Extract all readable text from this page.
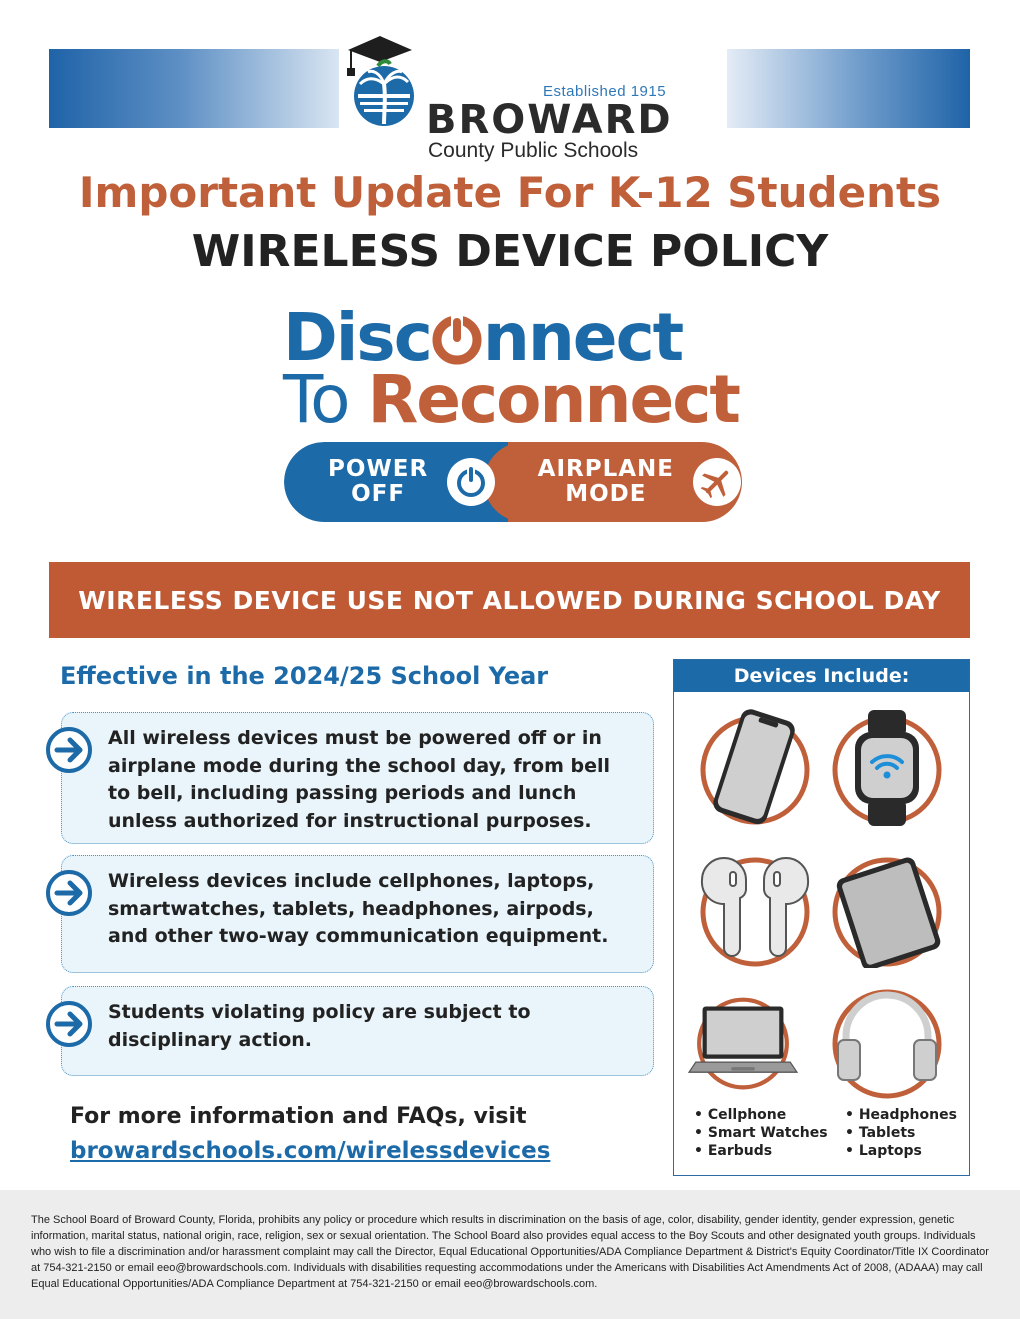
Established 1915
BROWARD
County Public Schools
Important Update For K-12 Students
WIRELESS DEVICE POLICY
Disc nnect
To Reconnect
POWER
OFF
AIRPLANE
MODE
WIRELESS DEVICE USE NOT ALLOWED DURING SCHOOL DAY
Effective in the 2024/25 School Year
All wireless devices must be powered off or in airplane mode during the school day, from bell to bell, including passing periods and lunch unless authorized for instructional purposes.
Wireless devices include cellphones, laptops, smartwatches, tablets, headphones, airpods, and other two-way communication equipment.
Students violating policy are subject to disciplinary action.
For more information and FAQs, visit
browardschools.com/wirelessdevices
Devices Include:
• Cellphone
• Smart Watches
• Earbuds
• Headphones
• Tablets
• Laptops

The School Board of Broward County, Florida, prohibits any policy or procedure which results in discrimination on the basis of age, color, disability, gender identity, gender expression, genetic information, marital status, national origin, race, religion, sex or sexual orientation. The School Board also provides equal access to the Boy Scouts and other designated youth groups. Individuals who wish to file a discrimination and/or harassment complaint may call the Director, Equal Educational Opportunities/ADA Compliance Department & District's Equity Coordinator/Title IX Coordinator at 754-321-2150 or email eeo@browardschools.com. Individuals with disabilities requesting accommodations under the Americans with Disabilities Act Amendments Act of 2008, (ADAAA) may call Equal Educational Opportunities/ADA Compliance Department at 754-321-2150 or email eeo@browardschools.com.
